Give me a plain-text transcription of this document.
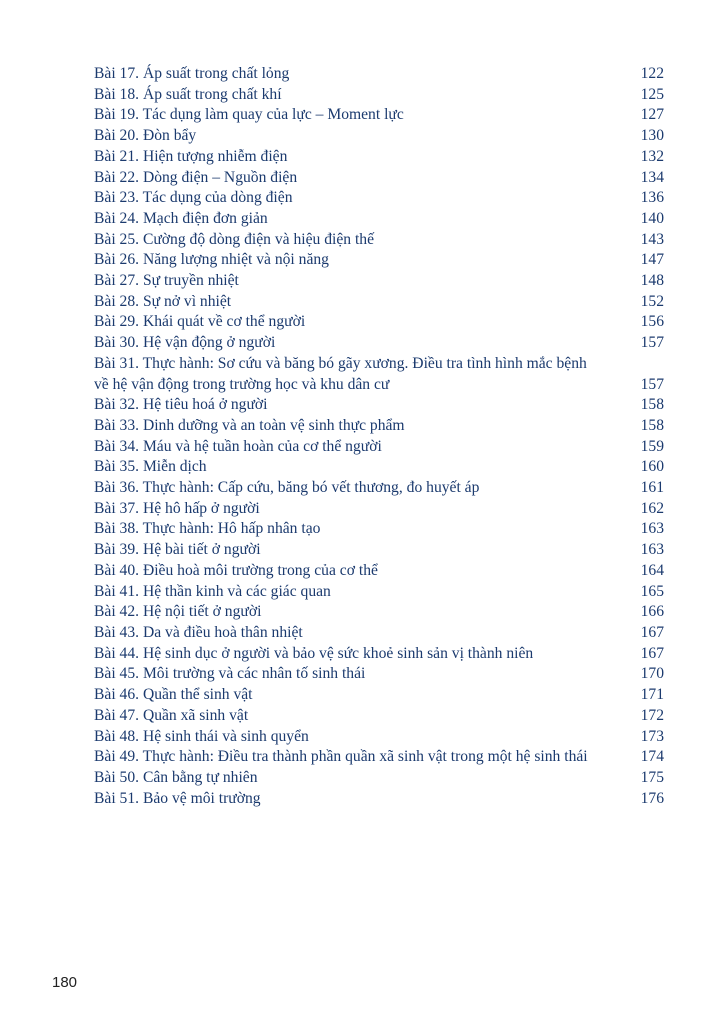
Bài 17. Áp suất trong chất lỏng	122
Bài 18. Áp suất trong chất khí	125
Bài 19. Tác dụng làm quay của lực – Moment lực	127
Bài 20. Đòn bẩy	130
Bài 21. Hiện tượng nhiễm điện	132
Bài 22. Dòng điện – Nguồn điện	134
Bài 23. Tác dụng của dòng điện	136
Bài 24. Mạch điện đơn giản	140
Bài 25. Cường độ dòng điện và hiệu điện thế	143
Bài 26. Năng lượng nhiệt và nội năng	147
Bài 27. Sự truyền nhiệt	148
Bài 28. Sự nở vì nhiệt	152
Bài 29. Khái quát về cơ thể người	156
Bài 30. Hệ vận động ở người	157
Bài 31. Thực hành: Sơ cứu và băng bó gãy xương. Điều tra tình hình mắc bệnh
về hệ vận động trong trường học và khu dân cư	157
Bài 32. Hệ tiêu hoá ở người	158
Bài 33. Dinh dưỡng và an toàn vệ sinh thực phẩm	158
Bài 34. Máu và hệ tuần hoàn của cơ thể người	159
Bài 35. Miễn dịch	160
Bài 36. Thực hành: Cấp cứu, băng bó vết thương, đo huyết áp	161
Bài 37. Hệ hô hấp ở người	162
Bài 38. Thực hành: Hô hấp nhân tạo	163
Bài 39. Hệ bài tiết ở người	163
Bài 40. Điều hoà môi trường trong của cơ thể	164
Bài 41. Hệ thần kinh và các giác quan	165
Bài 42. Hệ nội tiết ở người	166
Bài 43. Da và điều hoà thân nhiệt	167
Bài 44. Hệ sinh dục ở người và bảo vệ sức khoẻ sinh sản vị thành niên	167
Bài 45. Môi trường và các nhân tố sinh thái	170
Bài 46. Quần thể sinh vật	171
Bài 47. Quần xã sinh vật	172
Bài 48. Hệ sinh thái và sinh quyển	173
Bài 49. Thực hành: Điều tra thành phần quần xã sinh vật trong một hệ sinh thái	174
Bài 50. Cân bằng tự nhiên	175
Bài 51. Bảo vệ môi trường	176
180
